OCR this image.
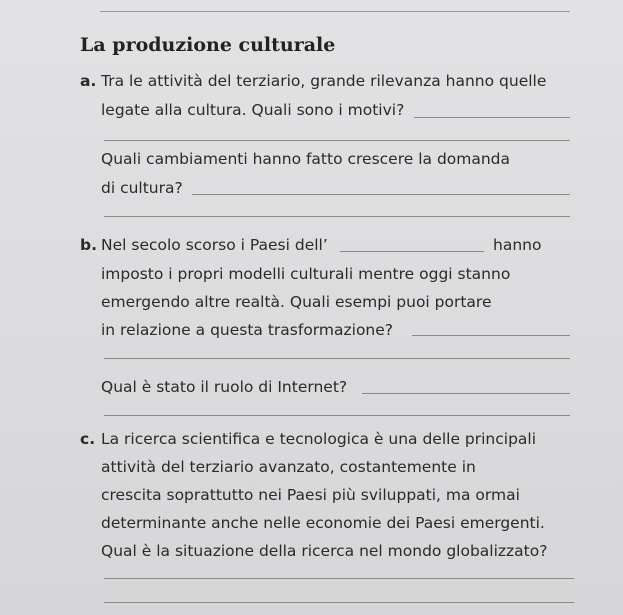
La produzione culturale
a. Tra le attività del terziario, grande rilevanza hanno quelle
legate alla cultura. Quali sono i motivi?
Quali cambiamenti hanno fatto crescere la domanda
di cultura?
b. Nel secolo scorso i Paesi dell’	hanno
imposto i propri modelli culturali mentre oggi stanno
emergendo altre realtà. Quali esempi puoi portare
in relazione a questa trasformazione?
Qual è stato il ruolo di Internet?
c. La ricerca scientifica e tecnologica è una delle principali
attività del terziario avanzato, costantemente in
crescita soprattutto nei Paesi più sviluppati, ma ormai
determinante anche nelle economie dei Paesi emergenti.
Qual è la situazione della ricerca nel mondo globalizzato?
